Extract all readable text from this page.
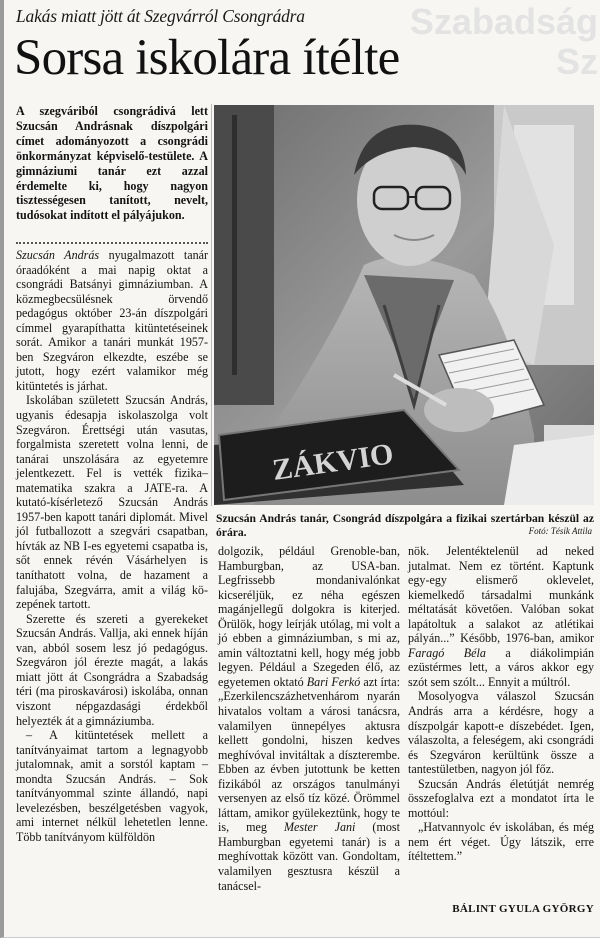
Szabadság
Sz
Lakás miatt jött át Szegvárról Csongrádra
Sorsa iskolára ítélte
A szegváriból csongrádivá lett Szucsán Andrásnak díszpolgári címet adományozott a csongrádi önkormányzat képviselő-testülete. A gimnáziumi tanár ezt azzal érdemelte ki, hogy nagyon tisztességesen tanított, nevelt, tudósokat indított el pályájukon.

Szucsán András nyugalmazott tanár óraadóként a mai napig oktat a csongrádi Batsányi gimnáziumban. A közmegbecsülésnek örvendő pedagógus október 23-án díszpolgári címmel gyarapíthatta kitüntetéseinek sorát. Amikor a tanári munkát 1957-ben Szegváron elkezdte, eszébe se jutott, hogy ezért valamikor még kitüntetés is járhat.

Iskolában született Szucsán András, ugyanis édesapja iskolaszolga volt Szegváron. Érettségi után vasutas, forgalmista szeretett volna lenni, de tanárai unszolására az egyetemre jelentkezett. Fel is vették fizika–matematika szakra a JATE-ra. A kutató-kísérletező Szucsán András 1957-ben kapott tanári diplomát. Mivel jól futballozott a szegvári csapatban, hívták az NB I-es egyetemi csapatba is, sőt ennek révén Vásárhelyen is taníthatott volna, de hazament a falujába, Szegvárra, amit a világ kö-zepének tartott.

Szerette és szereti a gyerekeket Szucsán András. Vallja, aki ennek híján van, abból sosem lesz jó pedagógus. Szegváron jól érezte magát, a lakás miatt jött át Csongrádra a Szabadság téri (ma piroskavárosi) iskolába, onnan viszont népgazdasági érdekből helyezték át a gimnáziumba.

– A kitüntetések mellett a tanítványaimat tartom a legnagyobb jutalomnak, amit a sorstól kaptam – mondta Szucsán András. – Sok tanítványommal szinte állandó, napi levelezésben, beszélgetésben vagyok, ami internet nélkül lehetetlen lenne. Több tanítványom külföldön

ZÁKVIO
Szucsán András tanár, Csongrád díszpolgára a fizikai szertárban készül az órára.	Fotó: Tésik Attila

dolgozik, például Grenoble-ban, Hamburgban, az USA-ban. Legfrissebb mondanivalónkat kicseréljük, ez néha egészen magánjellegű dolgokra is kiterjed. Örülök, hogy leírják utólag, mi volt a jó ebben a gimnáziumban, s mi az, amin változtatni kell, hogy még jobb legyen. Például a Szegeden élő, az egyetemen oktató Bari Ferkó azt írta: „Ezerkilencszázhetvenhárom nyarán hivatalos voltam a városi tanácsra, valamilyen ünnepélyes aktusra kellett gondolni, hiszen kedves meghívóval invitáltak a díszterembe. Ebben az évben jutottunk be ketten fizikából az országos tanulmányi versenyen az első tíz közé. Örömmel láttam, amikor gyülekeztünk, hogy te is, meg Mester Jani (most Hamburgban egyetemi tanár) is a meghívottak között van. Gondoltam, valamilyen gesztusra készül a tanácsel-

nök. Jelentéktelenül ad neked jutalmat. Nem ez történt. Kaptunk egy-egy elismerő oklevelet, kiemelkedő társadalmi munkánk méltatását követően. Valóban sokat lapátoltuk a salakot az atlétikai pályán...” Később, 1976-ban, amikor Faragó Béla a diákolimpián ezüstérmes lett, a város akkor egy szót sem szólt... Ennyit a múltról.

Mosolyogva válaszol Szucsán András arra a kérdésre, hogy a díszpolgár kapott-e díszebédet. Igen, válaszolta, a feleségem, aki csongrádi és Szegváron kerültünk össze a tantestületben, nagyon jól főz.

Szucsán András életútját nemrég összefoglalva ezt a mondatot írta le mottóul:

„Hatvannyolc év iskolában, és még nem ért véget. Úgy látszik, erre ítéltettem.”

BÁLINT GYULA GYÖRGY
